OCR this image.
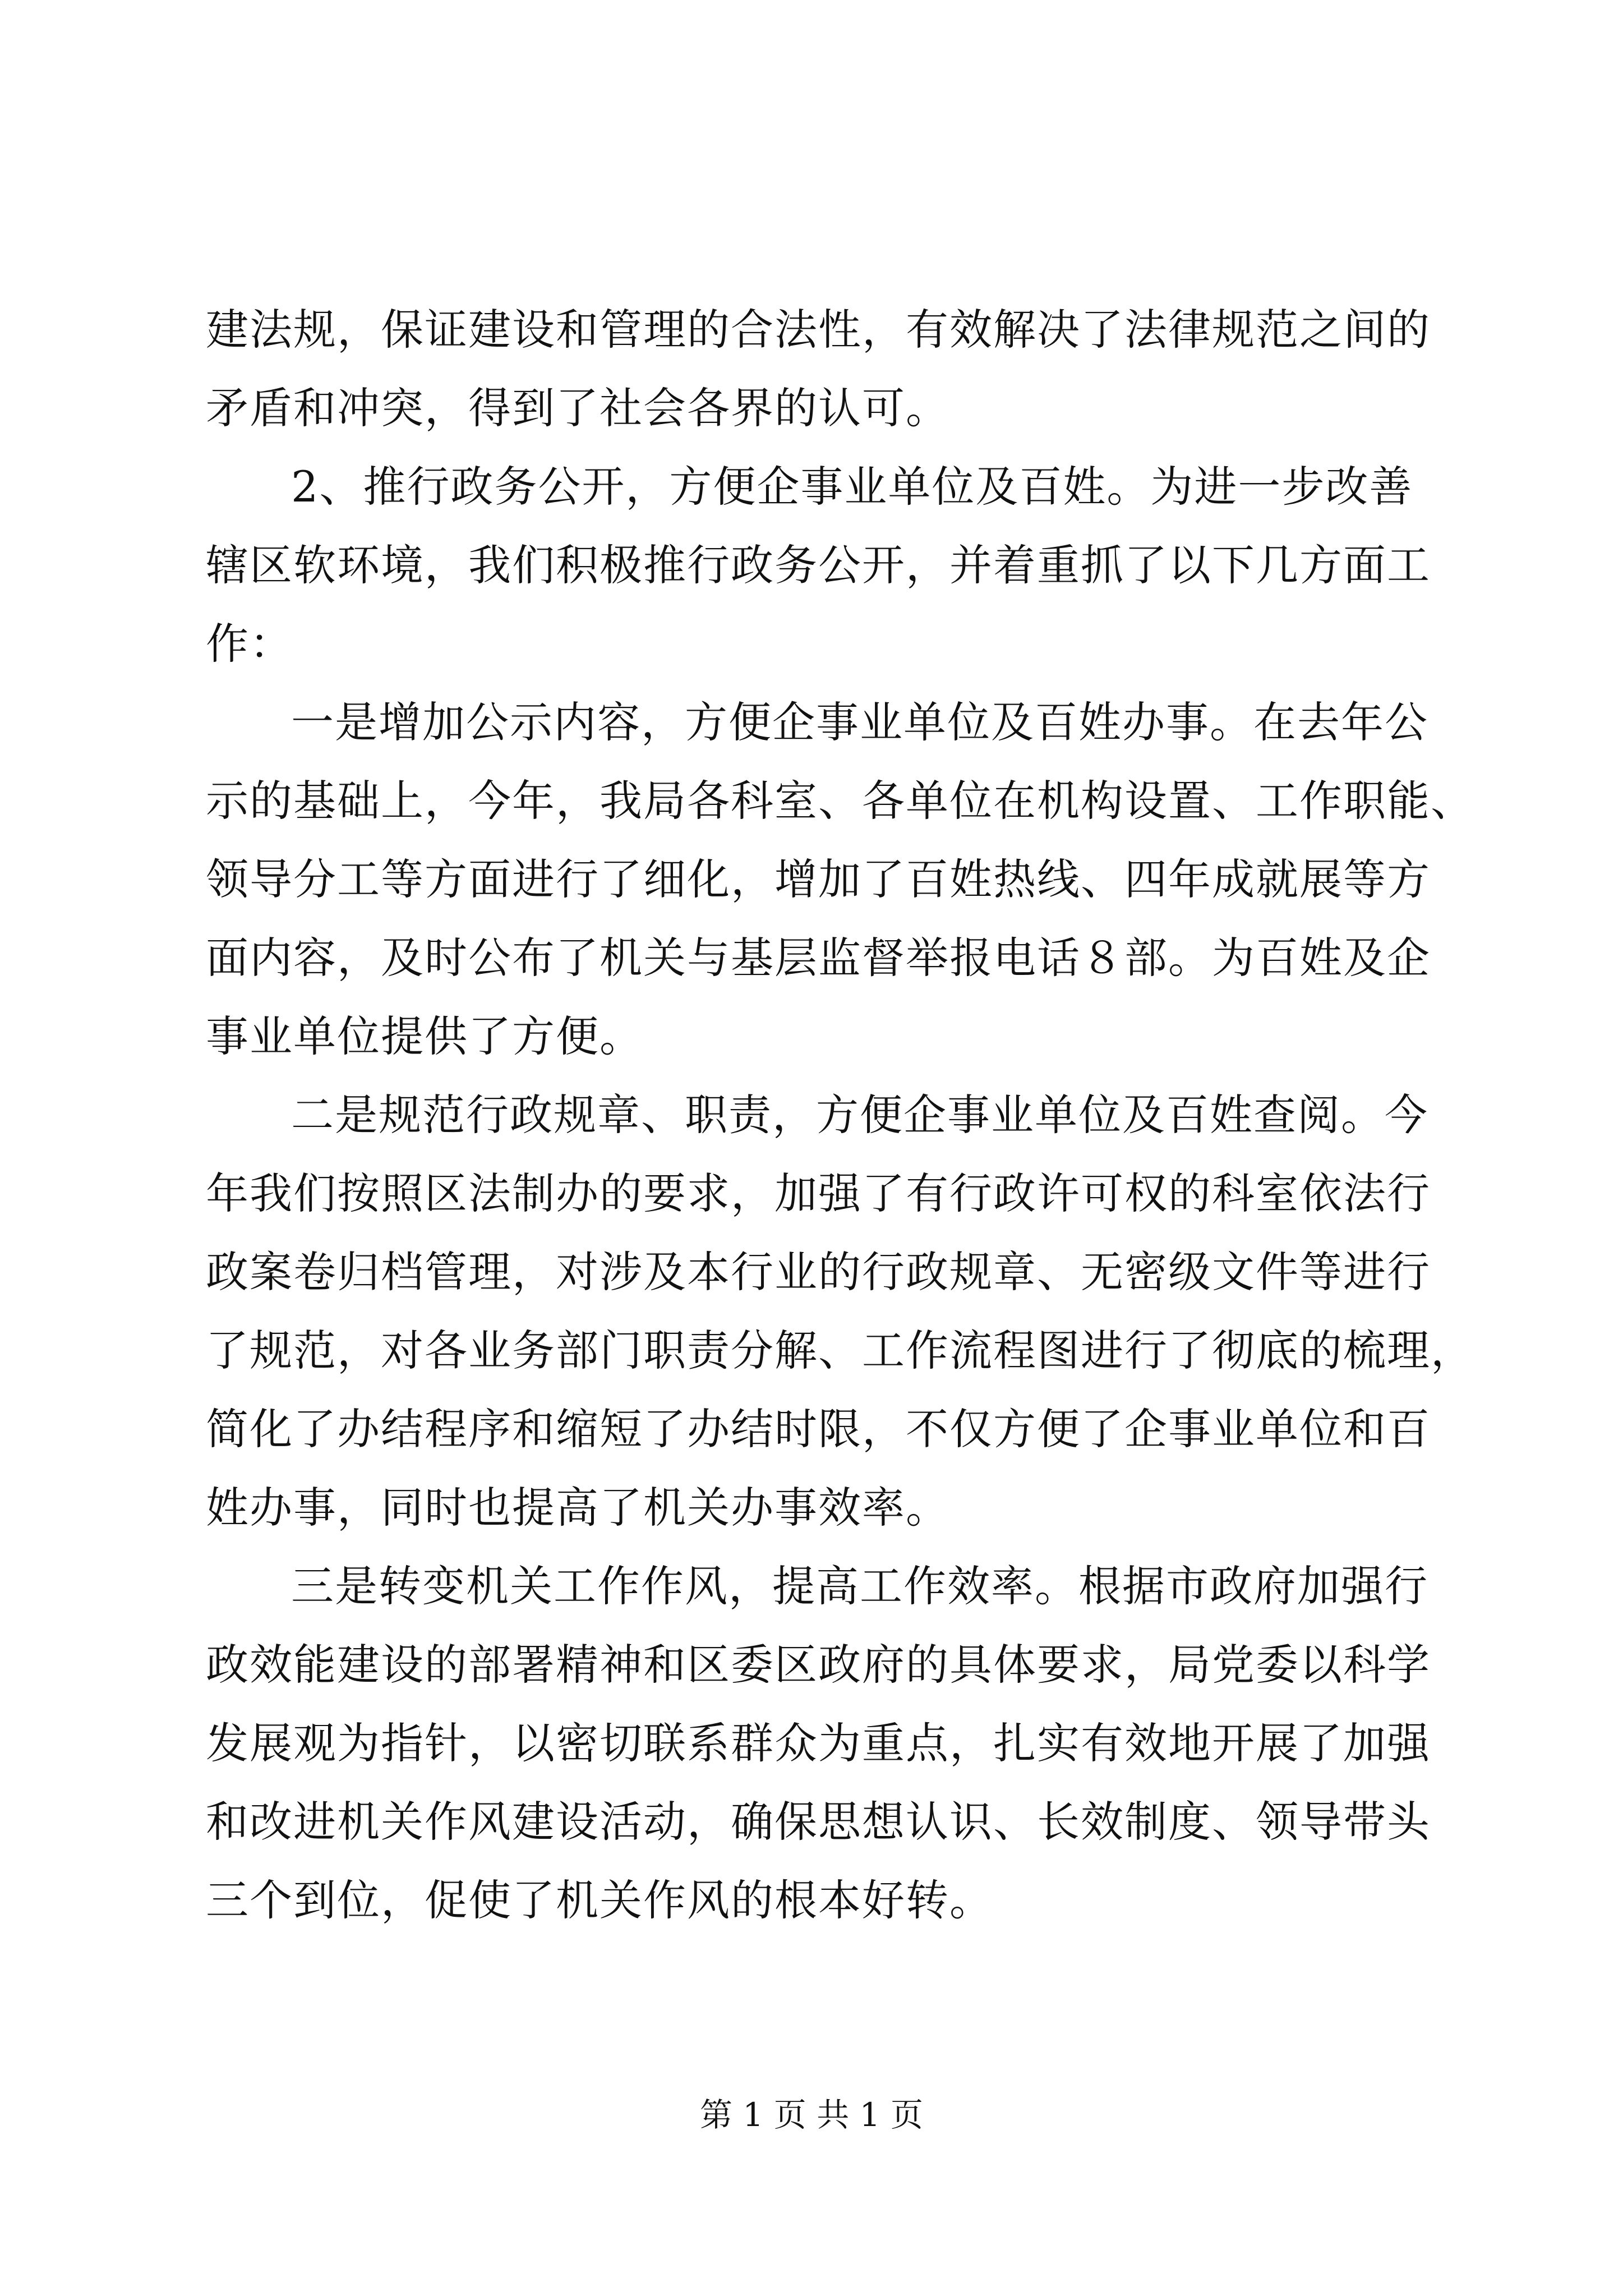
建法规，保证建设和管理的合法性，有效解决了法律规范之间的
矛盾和冲突，得到了社会各界的认可。
2、推行政务公开，方便企事业单位及百姓。为进一步改善
辖区软环境，我们积极推行政务公开，并着重抓了以下几方面工
作：
一是增加公示内容，方便企事业单位及百姓办事。在去年公
示的基础上，今年，我局各科室、各单位在机构设置、工作职能、
领导分工等方面进行了细化，增加了百姓热线、四年成就展等方
面内容，及时公布了机关与基层监督举报电话８部。为百姓及企
事业单位提供了方便。
二是规范行政规章、职责，方便企事业单位及百姓查阅。今
年我们按照区法制办的要求，加强了有行政许可权的科室依法行
政案卷归档管理，对涉及本行业的行政规章、无密级文件等进行
了规范，对各业务部门职责分解、工作流程图进行了彻底的梳理，
简化了办结程序和缩短了办结时限，不仅方便了企事业单位和百
姓办事，同时也提高了机关办事效率。
三是转变机关工作作风，提高工作效率。根据市政府加强行
政效能建设的部署精神和区委区政府的具体要求，局党委以科学
发展观为指针，以密切联系群众为重点，扎实有效地开展了加强
和改进机关作风建设活动，确保思想认识、长效制度、领导带头
三个到位，促使了机关作风的根本好转。
第 1 页 共 1 页
